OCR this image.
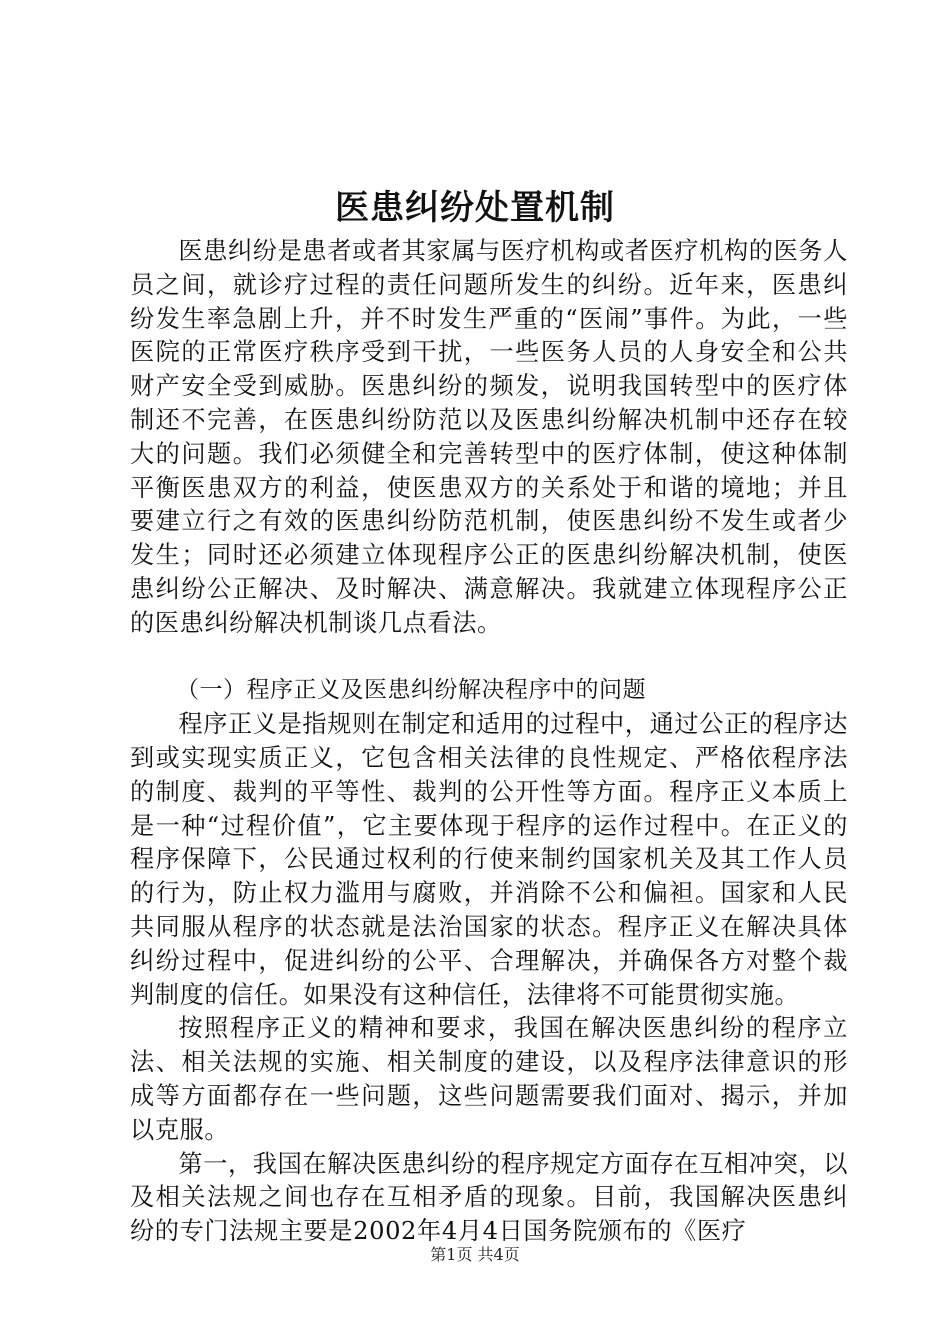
医患纠纷处置机制

医患纠纷是患者或者其家属与医疗机构或者医疗机构的医务人员之间，就诊疗过程的责任问题所发生的纠纷。近年来，医患纠纷发生率急剧上升，并不时发生严重的“医闹”事件。为此，一些医院的正常医疗秩序受到干扰，一些医务人员的人身安全和公共财产安全受到威胁。医患纠纷的频发，说明我国转型中的医疗体制还不完善，在医患纠纷防范以及医患纠纷解决机制中还存在较大的问题。我们必须健全和完善转型中的医疗体制，使这种体制平衡医患双方的利益，使医患双方的关系处于和谐的境地；并且要建立行之有效的医患纠纷防范机制，使医患纠纷不发生或者少发生；同时还必须建立体现程序公正的医患纠纷解决机制，使医患纠纷公正解决、及时解决、满意解决。我就建立体现程序公正的医患纠纷解决机制谈几点看法。

（一）程序正义及医患纠纷解决程序中的问题

程序正义是指规则在制定和适用的过程中，通过公正的程序达到或实现实质正义，它包含相关法律的良性规定、严格依程序法的制度、裁判的平等性、裁判的公开性等方面。程序正义本质上是一种“过程价值”，它主要体现于程序的运作过程中。在正义的程序保障下，公民通过权利的行使来制约国家机关及其工作人员的行为，防止权力滥用与腐败，并消除不公和偏袒。国家和人民共同服从程序的状态就是法治国家的状态。程序正义在解决具体纠纷过程中，促进纠纷的公平、合理解决，并确保各方对整个裁判制度的信任。如果没有这种信任，法律将不可能贯彻实施。

按照程序正义的精神和要求，我国在解决医患纠纷的程序立法、相关法规的实施、相关制度的建设，以及程序法律意识的形成等方面都存在一些问题，这些问题需要我们面对、揭示，并加以克服。

第一，我国在解决医患纠纷的程序规定方面存在互相冲突，以及相关法规之间也存在互相矛盾的现象。目前，我国解决医患纠纷的专门法规主要是2002年4月4日国务院颁布的《医疗

第1页 共4页
